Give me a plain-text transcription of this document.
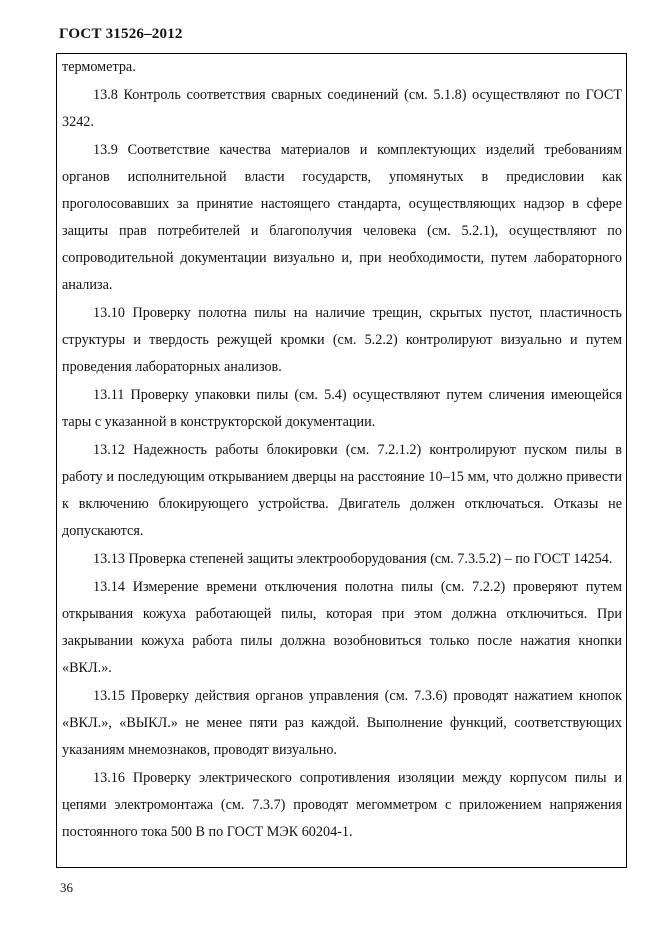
ГОСТ 31526–2012

термометра.

13.8 Контроль соответствия сварных соединений (см. 5.1.8) осуществляют по ГОСТ 3242.

13.9 Соответствие качества материалов и комплектующих изделий требованиям органов исполнительной власти государств, упомянутых в предисловии как проголосовавших за принятие настоящего стандарта, осуществляющих надзор в сфере защиты прав потребителей и благополучия человека (см. 5.2.1), осуществляют по сопроводительной документации визуально и, при необходимости, путем лабораторного анализа.

13.10 Проверку полотна пилы на наличие трещин, скрытых пустот, пластичность структуры и твердость режущей кромки (см. 5.2.2) контролируют визуально и путем проведения лабораторных анализов.

13.11 Проверку упаковки пилы (см. 5.4) осуществляют путем сличения имеющейся тары с указанной в конструкторской документации.

13.12 Надежность работы блокировки (см. 7.2.1.2) контролируют пуском пилы в работу и последующим открыванием дверцы на расстояние 10–15 мм, что должно привести к включению блокирующего устройства. Двигатель должен отключаться. Отказы не допускаются.

13.13 Проверка степеней защиты электрооборудования (см. 7.3.5.2) – по ГОСТ 14254.

13.14 Измерение времени отключения полотна пилы (см. 7.2.2) проверяют путем открывания кожуха работающей пилы, которая при этом должна отключиться. При закрывании кожуха работа пилы должна возобновиться только после нажатия кнопки «ВКЛ.».

13.15 Проверку действия органов управления (см. 7.3.6) проводят нажатием кнопок «ВКЛ.», «ВЫКЛ.» не менее пяти раз каждой. Выполнение функций, соответствующих указаниям мнемознаков, проводят визуально.

13.16 Проверку электрического сопротивления изоляции между корпусом пилы и цепями электромонтажа (см. 7.3.7) проводят мегомметром с приложением напряжения постоянного тока 500 В по ГОСТ МЭК 60204-1.

36
